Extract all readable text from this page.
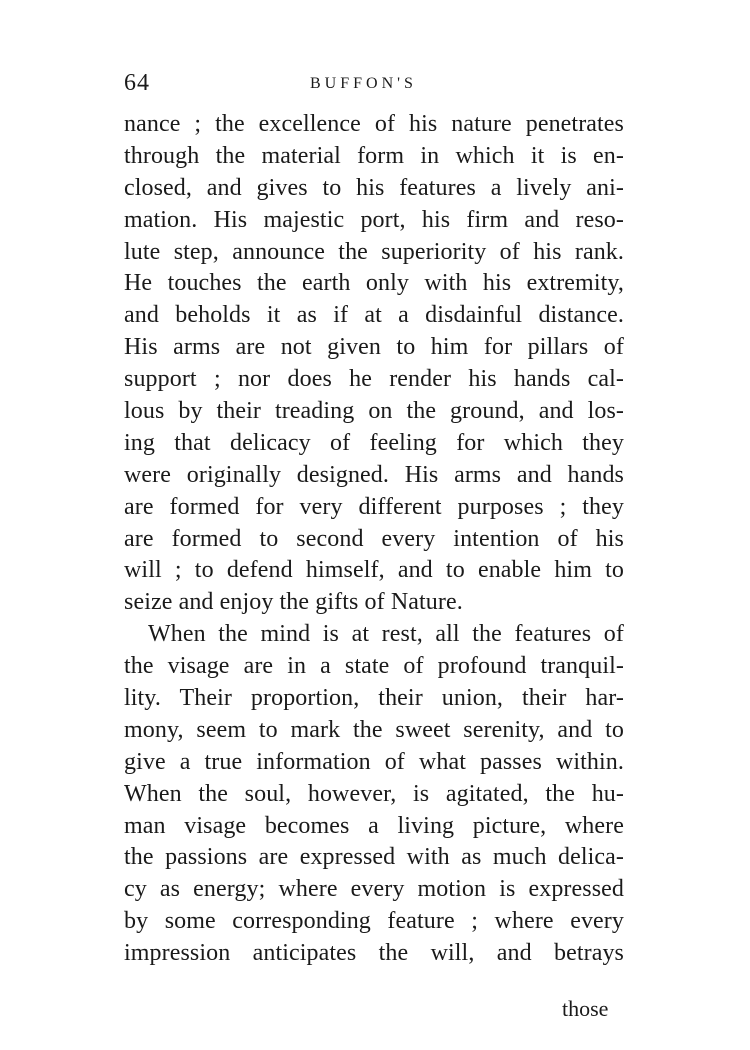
64	BUFFON'S
nance ; the excellence of his nature penetrates
through the material form in which it is en-
closed, and gives to his features a lively ani-
mation. His majestic port, his firm and reso-
lute step, announce the superiority of his rank.
He touches the earth only with his extremity,
and beholds it as if at a disdainful distance.
His arms are not given to him for pillars of
support ; nor does he render his hands cal-
lous by their treading on the ground, and los-
ing that delicacy of feeling for which they
were originally designed. His arms and hands
are formed for very different purposes ; they
are formed to second every intention of his
will ; to defend himself, and to enable him to
seize and enjoy the gifts of Nature.
When the mind is at rest, all the features of
the visage are in a state of profound tranquil-
lity. Their proportion, their union, their har-
mony, seem to mark the sweet serenity, and to
give a true information of what passes within.
When the soul, however, is agitated, the hu-
man visage becomes a living picture, where
the passions are expressed with as much delica-
cy as energy; where every motion is expressed
by some corresponding feature ; where every
impression anticipates the will, and betrays
those
